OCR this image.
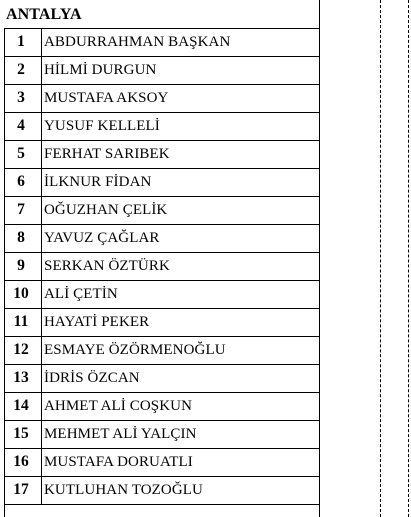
ANTALYA
1	ABDURRAHMAN BAŞKAN
2	HİLMİ DURGUN
3	MUSTAFA AKSOY
4	YUSUF KELLELİ
5	FERHAT SARIBEK
6	İLKNUR FİDAN
7	OĞUZHAN ÇELİK
8	YAVUZ ÇAĞLAR
9	SERKAN ÖZTÜRK
10	ALİ ÇETİN
11	HAYATİ PEKER
12	ESMAYE ÖZÖRMENOĞLU
13	İDRİS ÖZCAN
14	AHMET ALİ COŞKUN
15	MEHMET ALİ YALÇIN
16	MUSTAFA DORUATLI
17	KUTLUHAN TOZOĞLU
